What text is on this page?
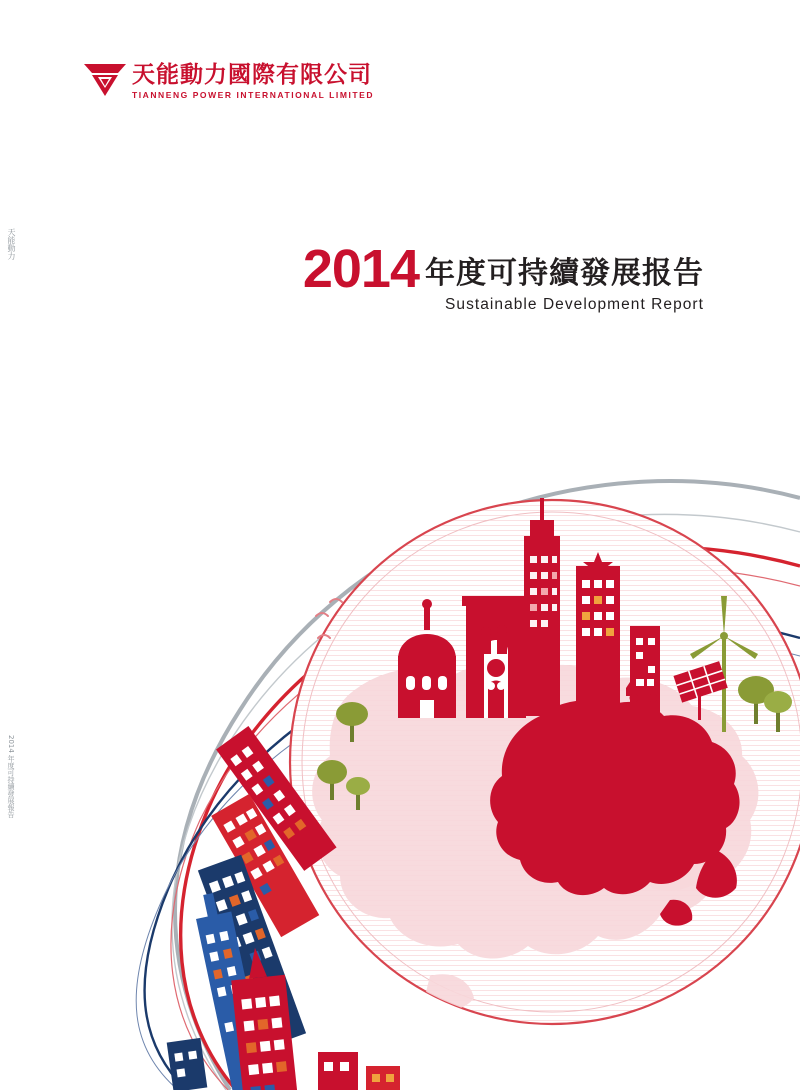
天能動力國際有限公司
TIANNENG POWER INTERNATIONAL LIMITED
天能動力
2014 年度可持續發展報告
2014 年度可持續發展报告
Sustainable Development Report
